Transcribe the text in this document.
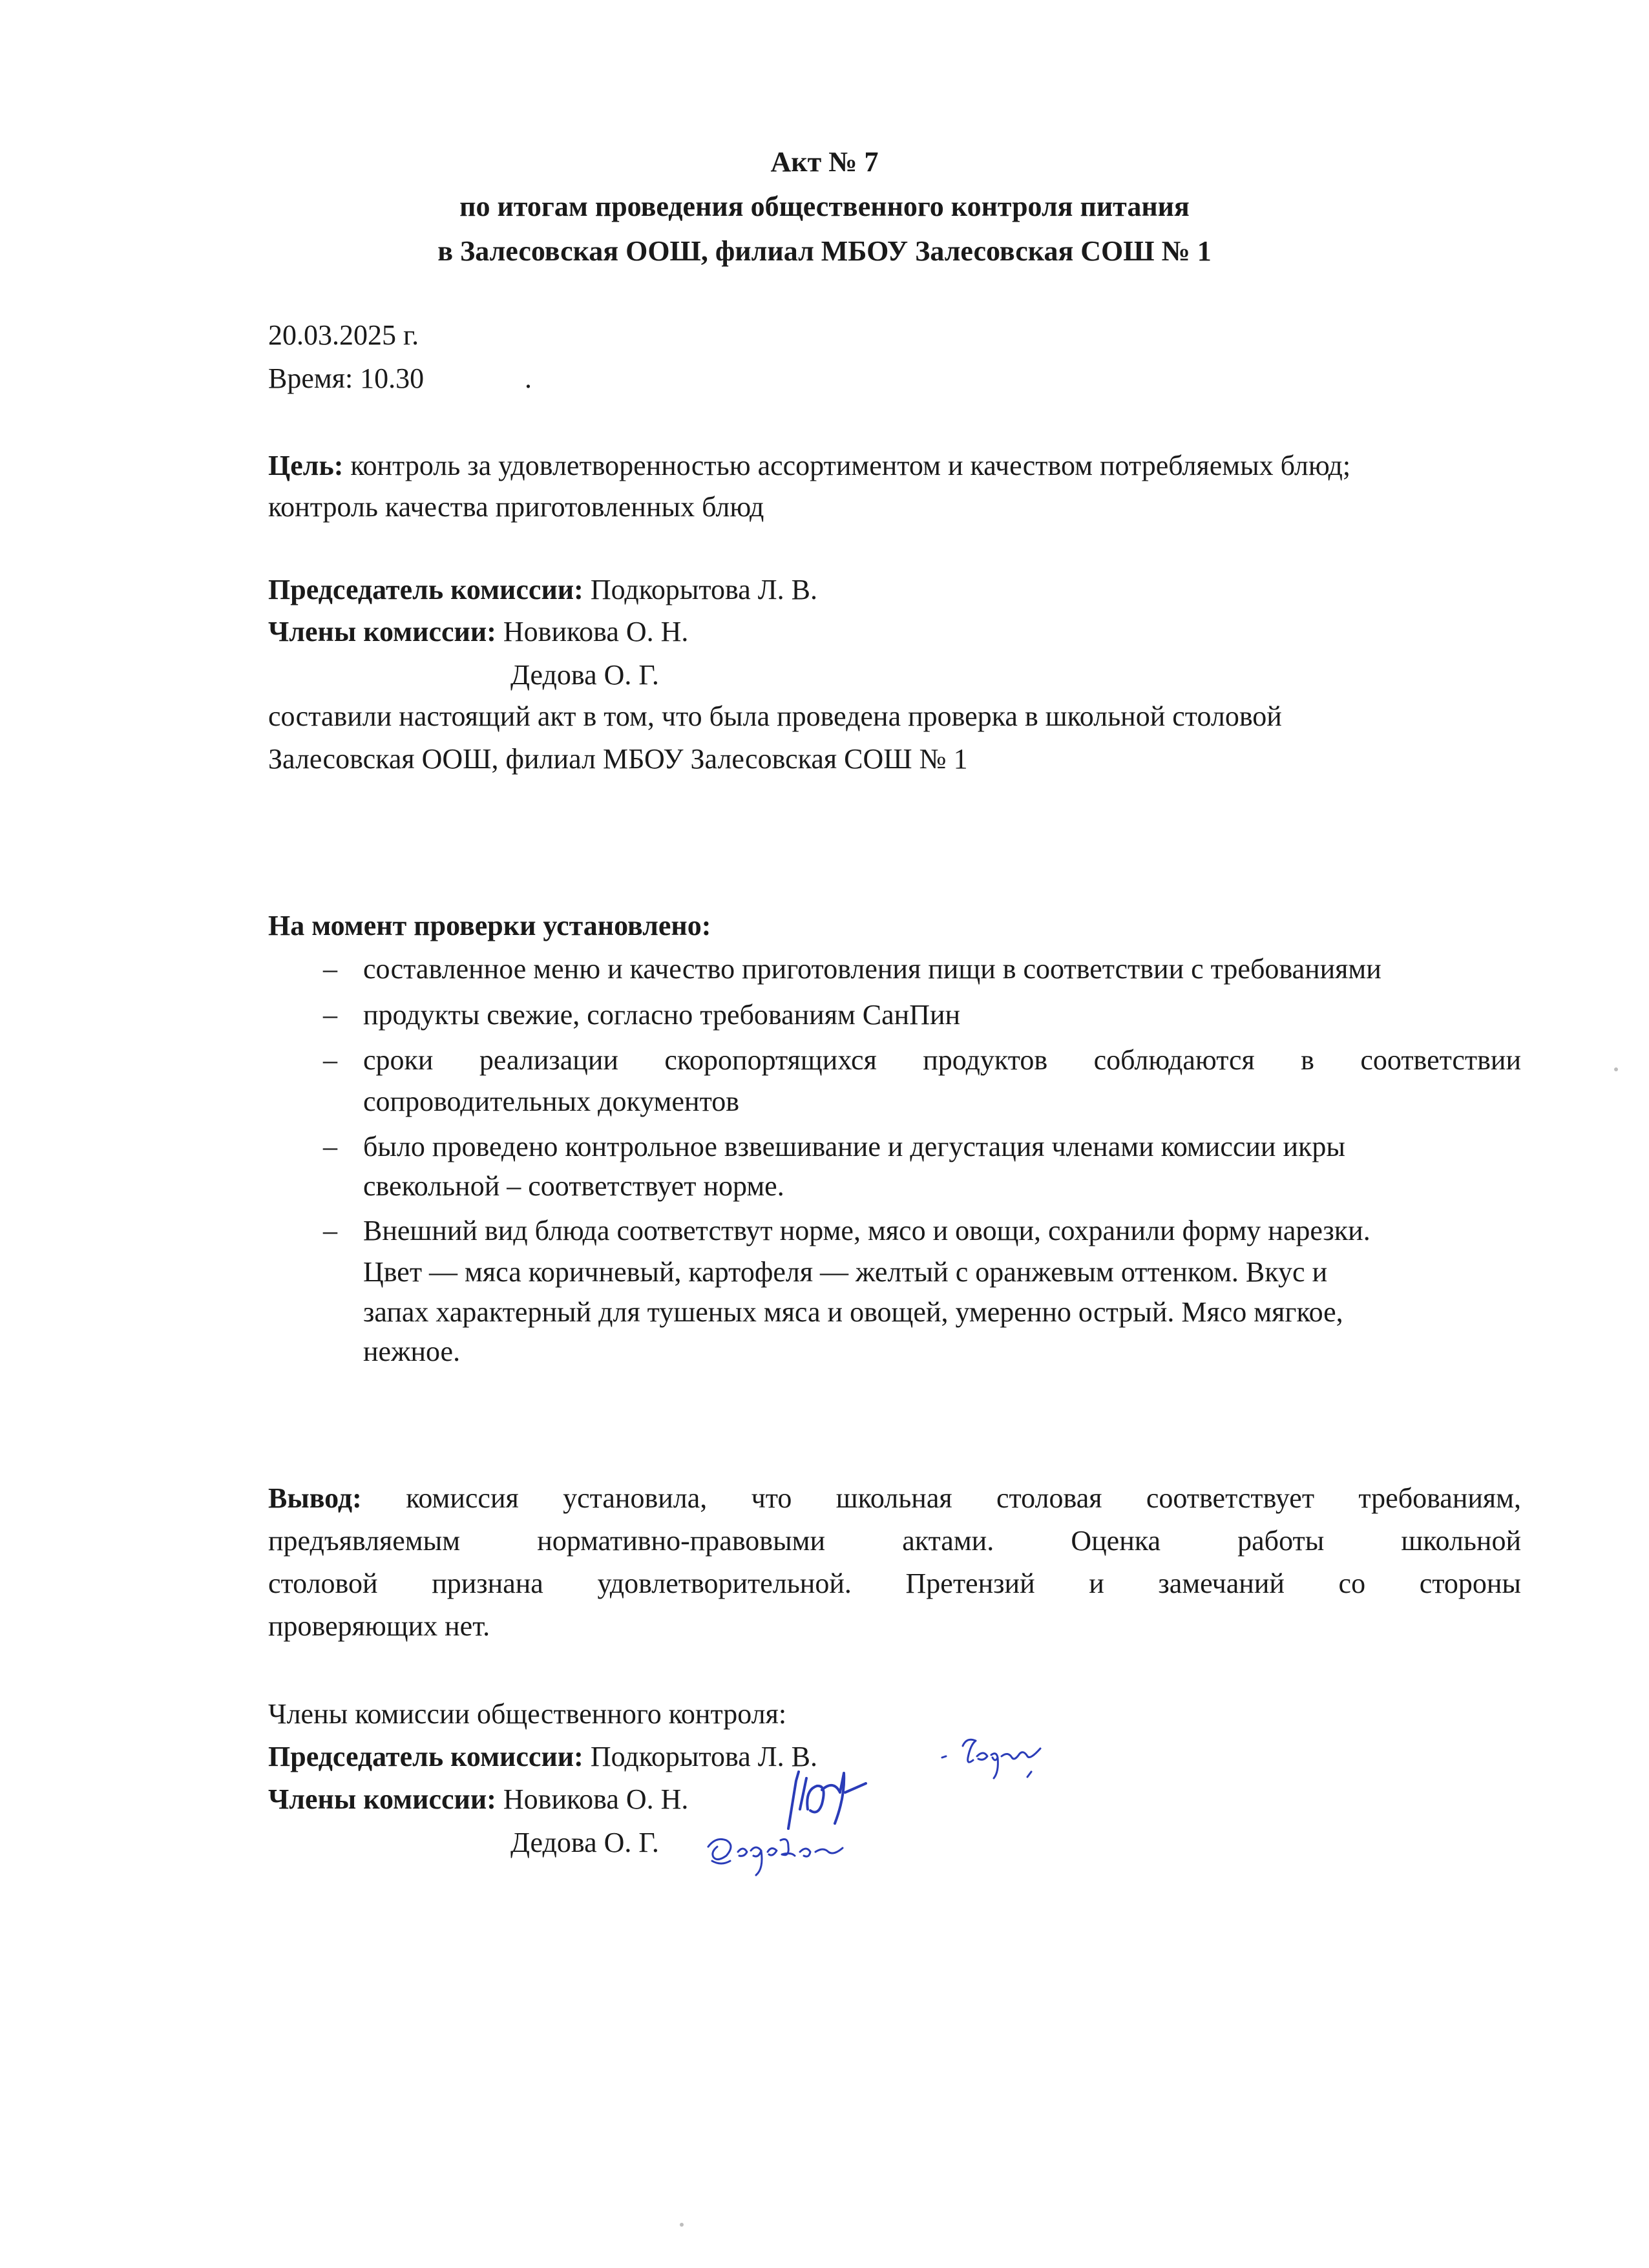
Акт № 7
по итогам проведения общественного контроля питания
в Залесовская ООШ, филиал МБОУ Залесовская СОШ № 1
20.03.2025 г.
Время: 10.30	.
Цель: контроль за удовлетворенностью ассортиментом и качеством потребляемых блюд;
контроль качества приготовленных блюд
Председатель комиссии: Подкорытова Л. В.
Члены комиссии: Новикова О. Н.
Дедова О. Г.
составили настоящий акт в том, что была проведена проверка в школьной столовой
Залесовская ООШ, филиал МБОУ Залесовская СОШ № 1
На момент проверки установлено:
– составленное меню и качество приготовления пищи в соответствии с требованиями
– продукты свежие, согласно требованиям СанПин
– сроки реализации скоропортящихся продуктов соблюдаются в соответствии
сопроводительных документов
– было проведено контрольное взвешивание и дегустация членами комиссии икры
свекольной – соответствует норме.
– Внешний вид блюда соответствут норме, мясо и овощи, сохранили форму нарезки.
Цвет — мяса коричневый, картофеля — желтый с оранжевым оттенком. Вкус и
запах характерный для тушеных мяса и овощей, умеренно острый. Мясо мягкое,
нежное.
Вывод: комиссия установила, что школьная столовая соответствует требованиям,
предъявляемым нормативно-правовыми актами. Оценка работы школьной
столовой признана удовлетворительной. Претензий и замечаний со стороны
проверяющих нет.
Члены комиссии общественного контроля:
Председатель комиссии: Подкорытова Л. В.
Члены комиссии: Новикова О. Н.
Дедова О. Г.
